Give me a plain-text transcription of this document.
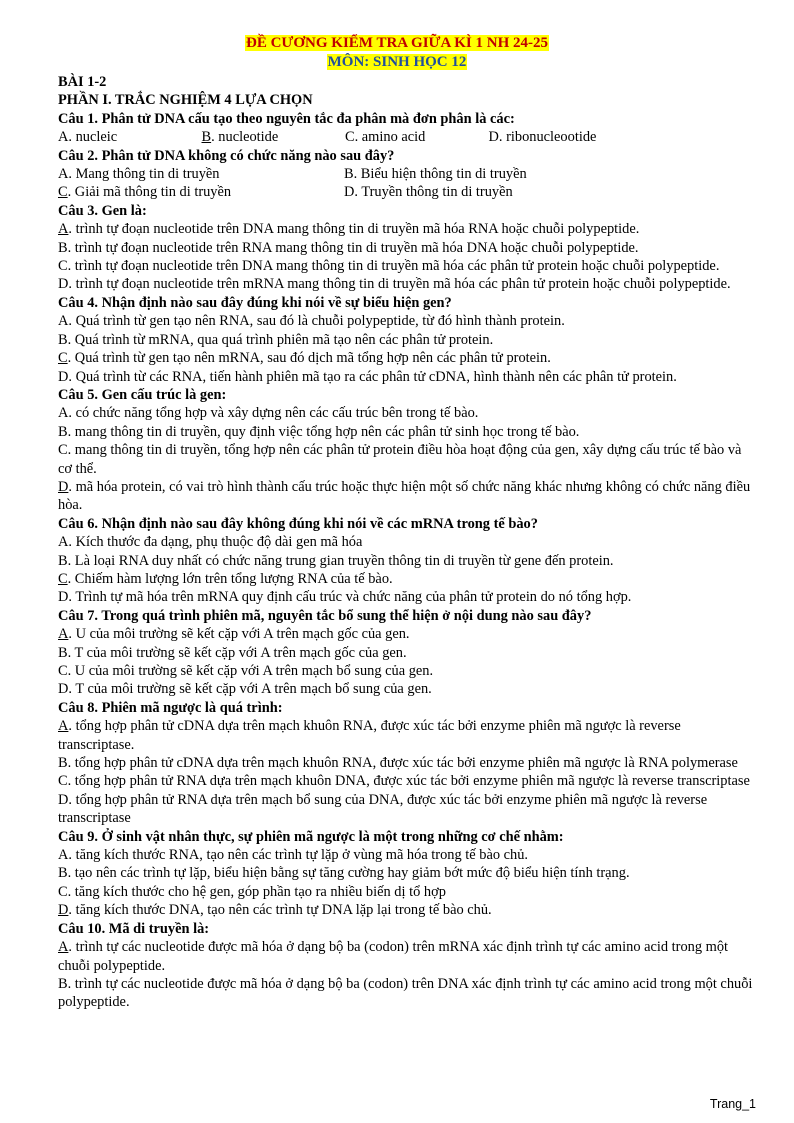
ĐỀ CƯƠNG KIỂM TRA GIỮA KÌ 1 NH 24-25
MÔN: SINH HỌC 12

BÀI 1-2

PHẦN I. TRẮC NGHIỆM 4 LỰA CHỌN

Câu 1. Phân tử DNA cấu tạo theo nguyên tắc đa phân mà đơn phân là các:

A. nucleic	B. nucleotide	C. amino acid	D. ribonucleootide

Câu 2. Phân tử DNA không có chức năng nào sau đây?

A. Mang thông tin di truyền	B. Biểu hiện thông tin di truyền
C. Giải mã thông tin di truyền	D. Truyền thông tin di truyền

Câu 3. Gen là:

A. trình tự đoạn nucleotide trên DNA mang thông tin di truyền mã hóa RNA hoặc chuỗi polypeptide.

B. trình tự đoạn nucleotide trên RNA mang thông tin di truyền mã hóa DNA hoặc chuỗi polypeptide.

C. trình tự đoạn nucleotide trên DNA mang thông tin di truyền mã hóa các phân tử protein hoặc chuỗi polypeptide.

D. trình tự đoạn nucleotide trên mRNA mang thông tin di truyền mã hóa các phân tử protein hoặc chuỗi polypeptide.

Câu 4. Nhận định nào sau đây đúng khi nói về sự biểu hiện gen?

A. Quá trình từ gen tạo nên RNA, sau đó là chuỗi polypeptide, từ đó hình thành protein.

B. Quá trình từ mRNA, qua quá trình phiên mã tạo nên các phân tử protein.

C. Quá trình từ gen tạo nên mRNA, sau đó dịch mã tổng hợp nên các phân tử protein.

D. Quá trình từ các RNA, tiến hành phiên mã tạo ra các phân tử cDNA, hình thành nên các phân tử protein.

Câu 5. Gen cấu trúc là gen:

A. có chức năng tổng hợp và xây dựng nên các cấu trúc bên trong tế bào.

B. mang thông tin di truyền, quy định việc tổng hợp nên các phân tử sinh học trong tế bào.

C. mang thông tin di truyền, tổng hợp nên các phân tử protein điều hòa hoạt động của gen, xây dựng cấu trúc tế bào và cơ thể.

D. mã hóa protein, có vai trò hình thành cấu trúc hoặc thực hiện một số chức năng khác nhưng không có chức năng điều hòa.

Câu 6. Nhận định nào sau đây không đúng khi nói về các mRNA trong tế bào?

A. Kích thước đa dạng, phụ thuộc độ dài gen mã hóa

B. Là loại RNA duy nhất có chức năng trung gian truyền thông tin di truyền từ gene đến protein.

C. Chiếm hàm lượng lớn trên tổng lượng RNA của tế bào.

D. Trình tự mã hóa trên mRNA quy định cấu trúc và chức năng của phân tử protein do nó tổng hợp.

Câu 7. Trong quá trình phiên mã, nguyên tắc bổ sung thể hiện ở nội dung nào sau đây?

A. U của môi trường sẽ kết cặp với A trên mạch gốc của gen.

B. T của môi trường sẽ kết cặp với A trên mạch gốc của gen.

C. U của môi trường sẽ kết cặp với A trên mạch bổ sung của gen.

D. T của môi trường sẽ kết cặp với A trên mạch bổ sung của gen.

Câu 8. Phiên mã ngược là quá trình:

A. tổng hợp phân tử cDNA dựa trên mạch khuôn RNA, được xúc tác bởi enzyme phiên mã ngược là reverse transcriptase.

B. tổng hợp phân tử cDNA dựa trên mạch khuôn RNA, được xúc tác bởi enzyme phiên mã ngược là RNA polymerase

C. tổng hợp phân tử RNA dựa trên mạch khuôn DNA, được xúc tác bởi enzyme phiên mã ngược là reverse transcriptase

D. tổng hợp phân tử RNA dựa trên mạch bổ sung của DNA, được xúc tác bởi enzyme phiên mã ngược là reverse transcriptase

Câu 9. Ở sinh vật nhân thực, sự phiên mã ngược là một trong những cơ chế nhằm:

A. tăng kích thước RNA, tạo nên các trình tự lặp ở vùng mã hóa trong tế bào chủ.

B. tạo nên các trình tự lặp, biểu hiện bằng sự tăng cường hay giảm bớt mức độ biểu hiện tính trạng.

C. tăng kích thước cho hệ gen, góp phần tạo ra nhiều biến dị tổ hợp

D. tăng kích thước DNA, tạo nên các trình tự DNA lặp lại trong tế bào chủ.

Câu 10. Mã di truyền là:

A. trình tự các nucleotide được mã hóa ở dạng bộ ba (codon) trên mRNA xác định trình tự các amino acid trong một chuỗi polypeptide.

B. trình tự các nucleotide được mã hóa ở dạng bộ ba (codon) trên DNA xác định trình tự các amino acid trong một chuỗi polypeptide.

Trang_1
